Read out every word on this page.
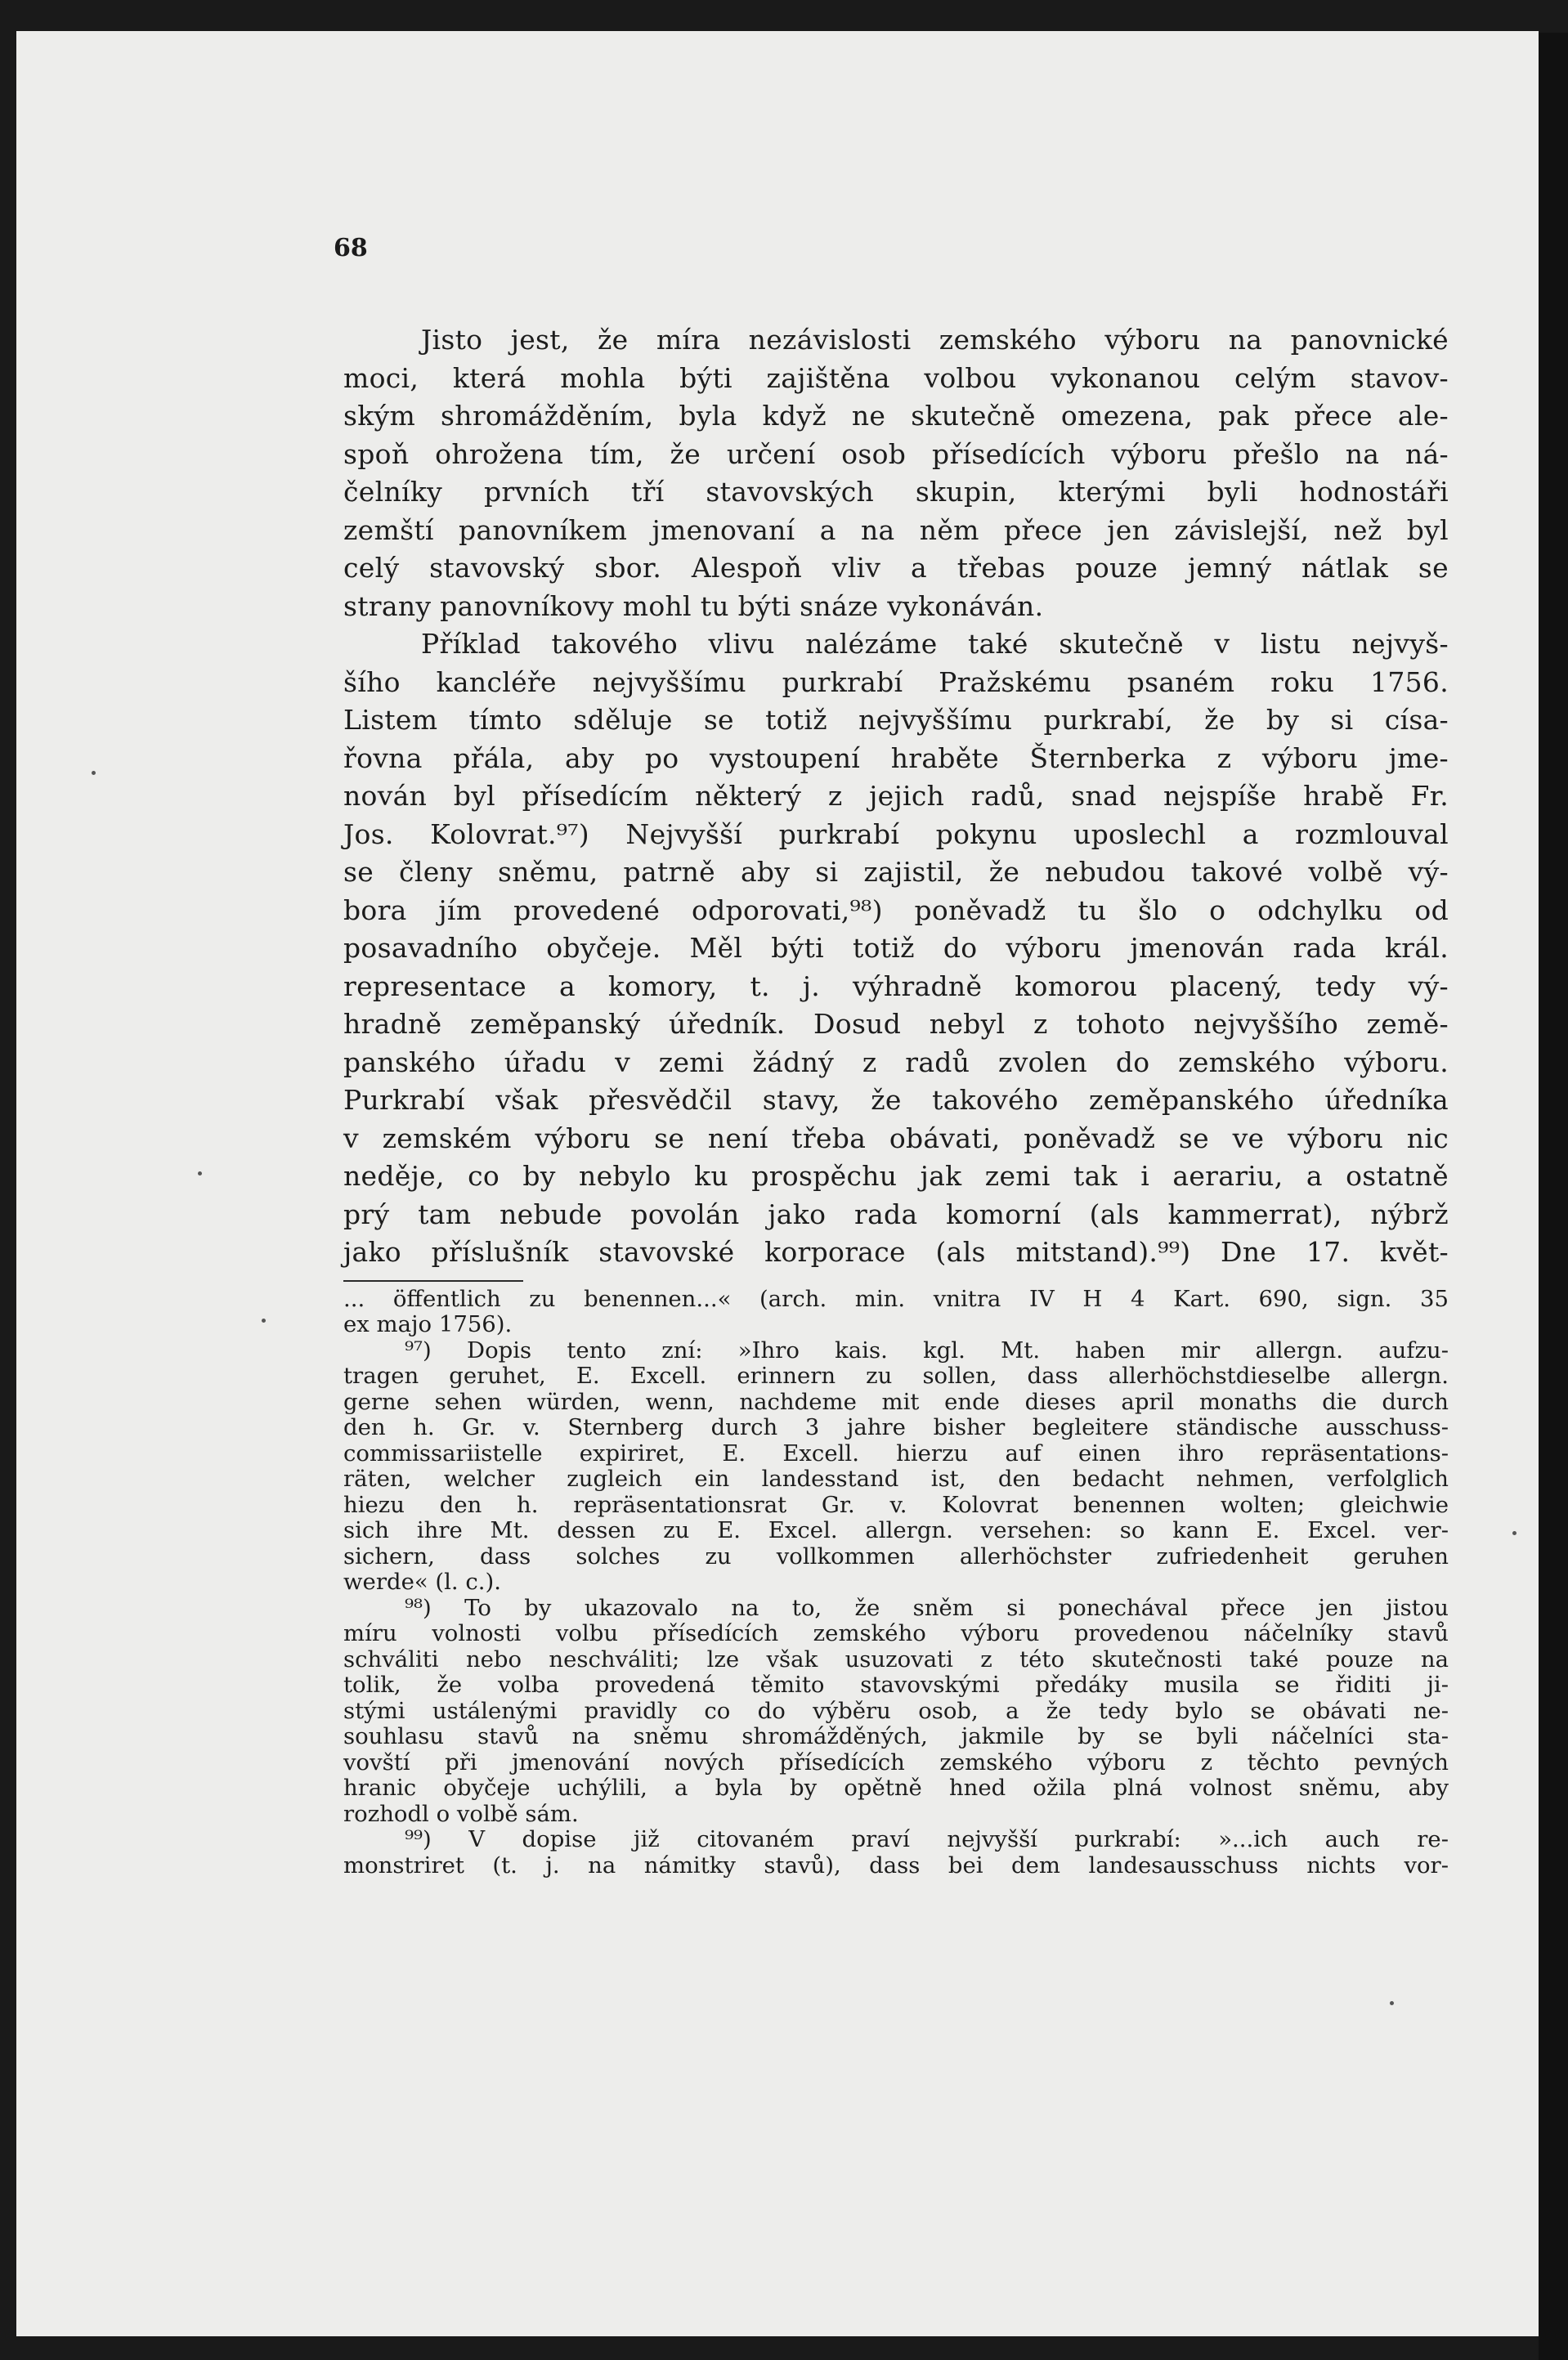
68
Jisto jest, že míra nezávislosti zemského výboru na panovnické
moci, která mohla býti zajištěna volbou vykonanou celým stavov-
ským shromážděním, byla když ne skutečně omezena, pak přece ale-
spoň ohrožena tím, že určení osob přísedících výboru přešlo na ná-
čelníky prvních tří stavovských skupin, kterými byli hodnostáři
zemští panovníkem jmenovaní a na něm přece jen závislejší, než byl
celý stavovský sbor. Alespoň vliv a třebas pouze jemný nátlak se
strany panovníkovy mohl tu býti snáze vykonáván.
Příklad takového vlivu nalézáme také skutečně v listu nejvyš-
šího kancléře nejvyššímu purkrabí Pražskému psaném roku 1756.
Listem tímto sděluje se totiž nejvyššímu purkrabí, že by si císa-
řovna přála, aby po vystoupení hraběte Šternberka z výboru jme-
nován byl přísedícím některý z jejich radů, snad nejspíše hrabě Fr.
Jos. Kolovrat.⁹⁷) Nejvyšší purkrabí pokynu uposlechl a rozmlouval
se členy sněmu, patrně aby si zajistil, že nebudou takové volbě vý-
bora jím provedené odporovati,⁹⁸) poněvadž tu šlo o odchylku od
posavadního obyčeje. Měl býti totiž do výboru jmenován rada král.
representace a komory, t. j. výhradně komorou placený, tedy vý-
hradně zeměpanský úředník. Dosud nebyl z tohoto nejvyššího země-
panského úřadu v zemi žádný z radů zvolen do zemského výboru.
Purkrabí však přesvědčil stavy, že takového zeměpanského úředníka
v zemském výboru se není třeba obávati, poněvadž se ve výboru nic
neděje, co by nebylo ku prospěchu jak zemi tak i aerariu, a ostatně
prý tam nebude povolán jako rada komorní (als kammerrat), nýbrž
jako příslušník stavovské korporace (als mitstand).⁹⁹) Dne 17. květ-
... öffentlich zu benennen...« (arch. min. vnitra IV H 4 Kart. 690, sign. 35
ex majo 1756).
⁹⁷) Dopis tento zní: »Ihro kais. kgl. Mt. haben mir allergn. aufzu-
tragen geruhet, E. Excell. erinnern zu sollen, dass allerhöchstdieselbe allergn.
gerne sehen würden, wenn, nachdeme mit ende dieses april monaths die durch
den h. Gr. v. Sternberg durch 3 jahre bisher begleitere ständische ausschuss-
commissariistelle expiriret, E. Excell. hierzu auf einen ihro repräsentations-
räten, welcher zugleich ein landesstand ist, den bedacht nehmen, verfolglich
hiezu den h. repräsentationsrat Gr. v. Kolovrat benennen wolten; gleichwie
sich ihre Mt. dessen zu E. Excel. allergn. versehen: so kann E. Excel. ver-
sichern, dass solches zu vollkommen allerhöchster zufriedenheit geruhen
werde« (l. c.).
⁹⁸) To by ukazovalo na to, že sněm si ponechával přece jen jistou
míru volnosti volbu přísedících zemského výboru provedenou náčelníky stavů
schváliti nebo neschváliti; lze však usuzovati z této skutečnosti také pouze na
tolik, že volba provedená těmito stavovskými předáky musila se řiditi ji-
stými ustálenými pravidly co do výběru osob, a že tedy bylo se obávati ne-
souhlasu stavů na sněmu shromážděných, jakmile by se byli náčelníci sta-
vovští při jmenování nových přísedících zemského výboru z těchto pevných
hranic obyčeje uchýlili, a byla by opětně hned ožila plná volnost sněmu, aby
rozhodl o volbě sám.
⁹⁹) V dopise již citovaném praví nejvyšší purkrabí: »...ich auch re-
monstriret (t. j. na námitky stavů), dass bei dem landesausschuss nichts vor-
